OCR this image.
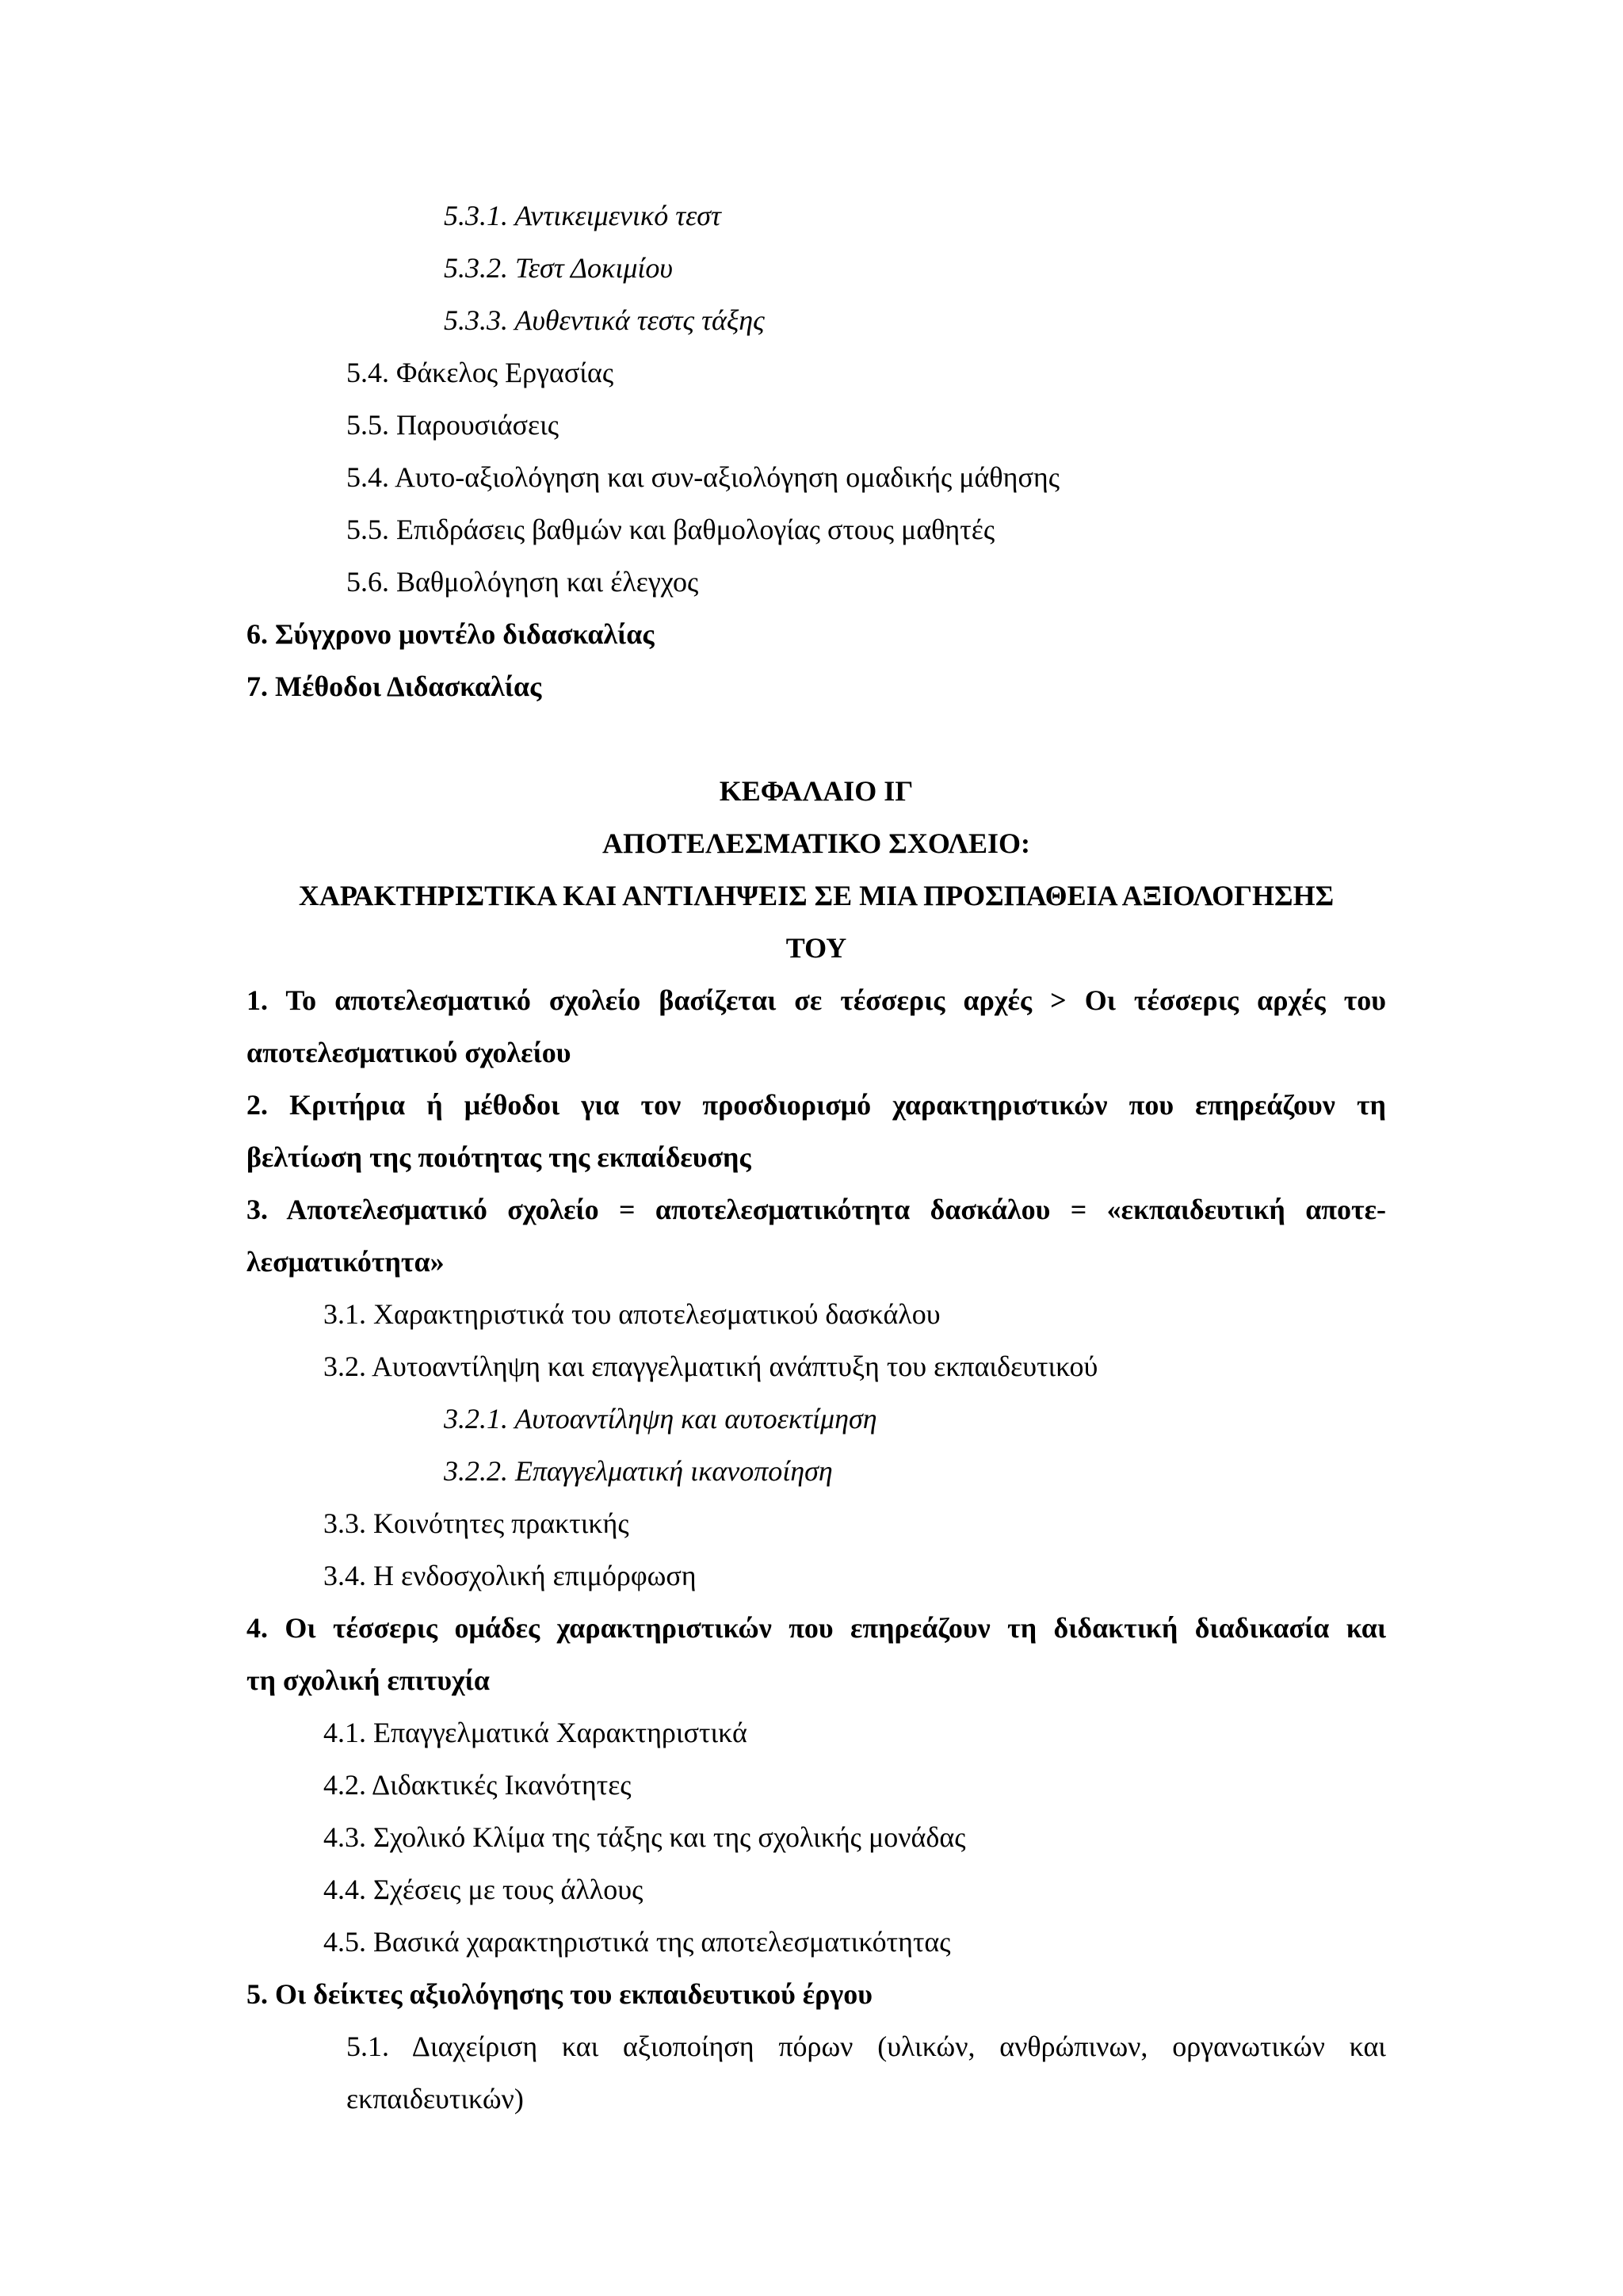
5.3.1. Αντικειμενικό τεστ
5.3.2. Τεστ Δοκιμίου
5.3.3. Αυθεντικά τεστς τάξης
5.4. Φάκελος Εργασίας
5.5. Παρουσιάσεις
5.4. Αυτο-αξιολόγηση και συν-αξιολόγηση ομαδικής μάθησης
5.5. Επιδράσεις βαθμών και βαθμολογίας στους μαθητές
5.6. Βαθμολόγηση και έλεγχος
6. Σύγχρονο μοντέλο διδασκαλίας
7. Μέθοδοι Διδασκαλίας
ΚΕΦΑΛΑΙΟ ΙΓ
ΑΠΟΤΕΛΕΣΜΑΤΙΚΟ ΣΧΟΛΕΙΟ:
ΧΑΡΑΚΤΗΡΙΣΤΙΚΑ ΚΑΙ ΑΝΤΙΛΗΨΕΙΣ ΣΕ ΜΙΑ ΠΡΟΣΠΑΘΕΙΑ ΑΞΙΟΛΟΓΗΣΗΣ
ΤΟΥ
1. Το αποτελεσματικό σχολείο βασίζεται σε τέσσερις αρχές > Οι τέσσερις αρχές του
αποτελεσματικού σχολείου
2. Κριτήρια ή μέθοδοι για τον προσδιορισμό χαρακτηριστικών που επηρεάζουν τη
βελτίωση της ποιότητας της εκπαίδευσης
3. Αποτελεσματικό σχολείο = αποτελεσματικότητα δασκάλου = «εκπαιδευτική αποτε-
λεσματικότητα»
3.1. Χαρακτηριστικά του αποτελεσματικού δασκάλου
3.2. Αυτοαντίληψη και επαγγελματική ανάπτυξη του εκπαιδευτικού
3.2.1. Αυτοαντίληψη και αυτοεκτίμηση
3.2.2. Επαγγελματική ικανοποίηση
3.3. Κοινότητες πρακτικής
3.4. Η ενδοσχολική επιμόρφωση
4. Οι τέσσερις ομάδες χαρακτηριστικών που επηρεάζουν τη διδακτική διαδικασία και
τη σχολική επιτυχία
4.1. Επαγγελματικά Χαρακτηριστικά
4.2. Διδακτικές Ικανότητες
4.3. Σχολικό Κλίμα της τάξης και της σχολικής μονάδας
4.4. Σχέσεις με τους άλλους
4.5. Βασικά χαρακτηριστικά της αποτελεσματικότητας
5. Οι δείκτες αξιολόγησης του εκπαιδευτικού έργου
5.1. Διαχείριση και αξιοποίηση πόρων (υλικών, ανθρώπινων, οργανωτικών και
εκπαιδευτικών)
